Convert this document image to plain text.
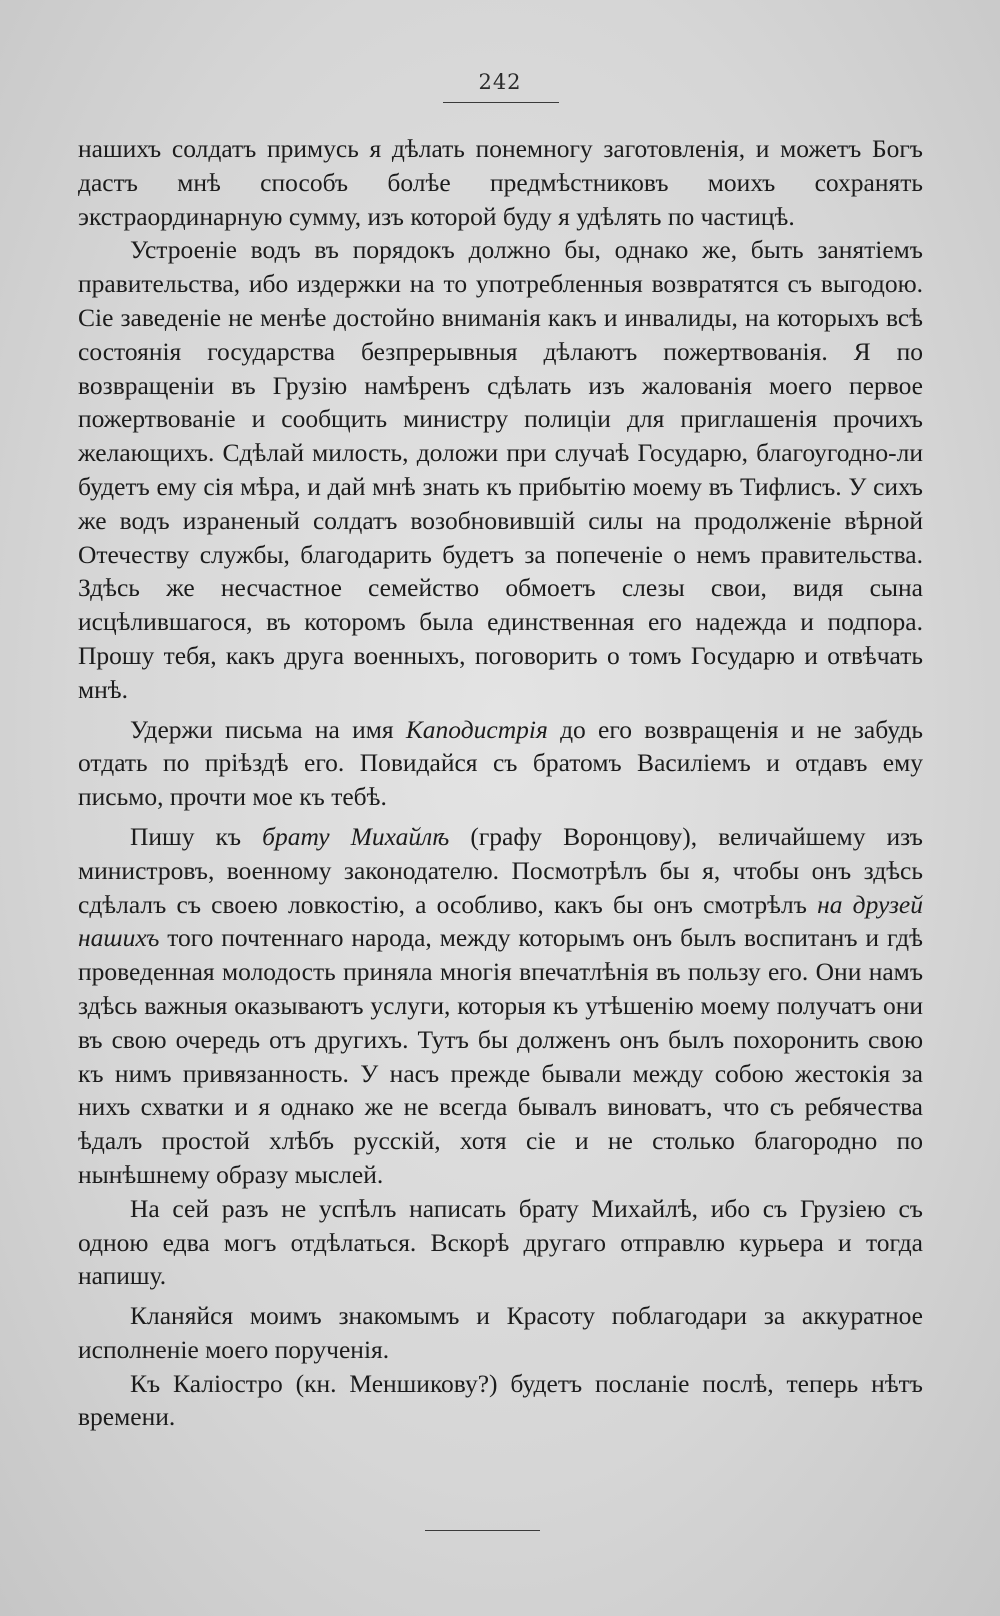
242

нашихъ солдатъ примусь я дѣлать понемногу заготовленія, и можетъ Богъ дастъ мнѣ способъ болѣе предмѣстниковъ моихъ сохранять экстраординарную сумму, изъ которой буду я удѣлять по частицѣ.

Устроеніе водъ въ порядокъ должно бы, однако же, быть занятіемъ правительства, ибо издержки на то употребленныя возвратятся съ выгодою. Сіе заведеніе не менѣе достойно вниманія какъ и инвалиды, на которыхъ всѣ состоянія государства безпрерывныя дѣлаютъ пожертвованія. Я по возвращеніи въ Грузію намѣренъ сдѣлать изъ жалованія моего первое пожертвованіе и сообщить министру полиціи для приглашенія прочихъ желающихъ. Сдѣлай милость, доложи при случаѣ Государю, благоугодно-ли будетъ ему сія мѣра, и дай мнѣ знать къ прибытію моему въ Тифлисъ. У сихъ же водъ израненый солдатъ возобновившій силы на продолженіе вѣрной Отечеству службы, благодарить будетъ за попеченіе о немъ правительства. Здѣсь же несчастное семейство обмоетъ слезы свои, видя сына исцѣлившагося, въ которомъ была единственная его надежда и подпора. Прошу тебя, какъ друга военныхъ, поговорить о томъ Государю и отвѣчать мнѣ.

Удержи письма на имя Каподистрія до его возвращенія и не забудь отдать по пріѣздѣ его. Повидайся съ братомъ Василіемъ и отдавъ ему письмо, прочти мое къ тебѣ.

Пишу къ брату Михайлѣ (графу Воронцову), величайшему изъ министровъ, военному законодателю. Посмотрѣлъ бы я, чтобы онъ здѣсь сдѣлалъ съ своею ловкостію, а особливо, какъ бы онъ смотрѣлъ на друзей нашихъ того почтеннаго народа, между которымъ онъ былъ воспитанъ и гдѣ проведенная молодость приняла многія впечатлѣнія въ пользу его. Они намъ здѣсь важныя оказываютъ услуги, которыя къ утѣшенію моему получатъ они въ свою очередь отъ другихъ. Тутъ бы долженъ онъ былъ похоронить свою къ нимъ привязанность. У насъ прежде бывали между собою жестокія за нихъ схватки и я однако же не всегда бывалъ виноватъ, что съ ребячества ѣдалъ простой хлѣбъ русскій, хотя сіе и не столько благородно по нынѣшнему образу мыслей.

На сей разъ не успѣлъ написать брату Михайлѣ, ибо съ Грузіею съ одною едва могъ отдѣлаться. Вскорѣ другаго отправлю курьера и тогда напишу.

Кланяйся моимъ знакомымъ и Красоту поблагодари за аккуратное исполненіе моего порученія.

Къ Каліостро (кн. Меншикову?) будетъ посланіе послѣ, теперь нѣтъ времени.
